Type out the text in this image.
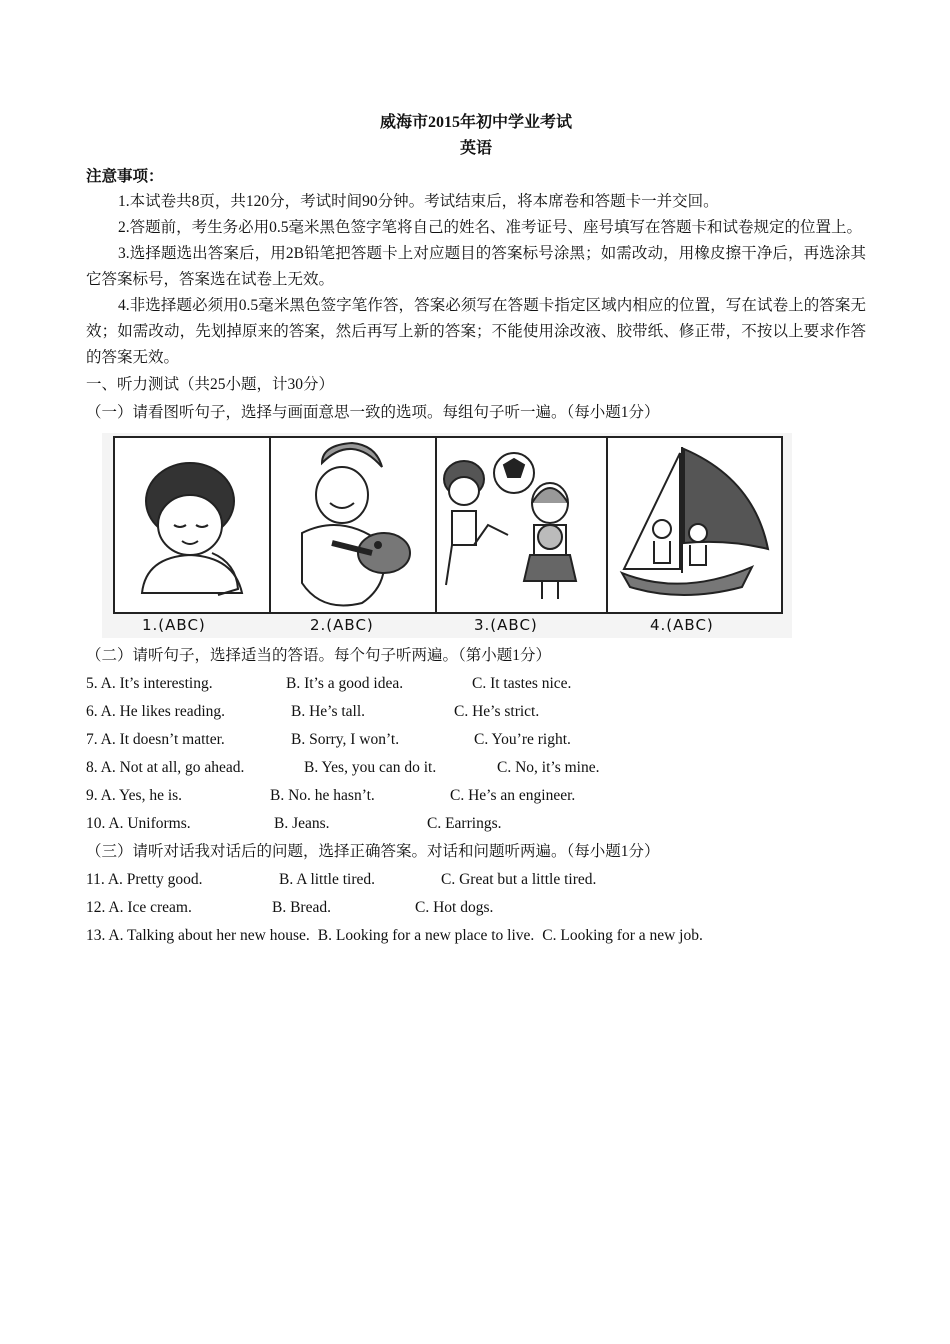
威海市2015年初中学业考试
英语
注意事项：
1.本试卷共8页，共120分，考试时间90分钟。考试结束后，将本席卷和答题卡一并交回。
2.答题前，考生务必用0.5毫米黑色签字笔将自己的姓名、准考证号、座号填写在答题卡和试卷规定的位置上。
3.选择题选出答案后，用2B铅笔把答题卡上对应题目的答案标号涂黑；如需改动，用橡皮擦干净后，再选涂其它答案标号，答案选在试卷上无效。
4.非选择题必须用0.5毫米黑色签字笔作答，答案必须写在答题卡指定区域内相应的位置，写在试卷上的答案无效；如需改动，先划掉原来的答案，然后再写上新的答案；不能使用涂改液、胶带纸、修正带，不按以上要求作答的答案无效。
一、听力测试（共25小题，计30分）
（一）请看图听句子，选择与画面意思一致的选项。每组句子听一遍。（每小题1分）
1.(ABC)	2.(ABC)	3.(ABC)	4.(ABC)
（二）请听句子，选择适当的答语。每个句子听两遍。（第小题1分）
5. A. It’s interesting.	B. It’s a good idea.	C. It tastes nice.
6. A. He likes reading.	B. He’s tall.	C. He’s strict.
7. A. It doesn’t matter.	B. Sorry, I won’t.	C. You’re right.
8. A. Not at all, go ahead.	B. Yes, you can do it.	C. No, it’s mine.
9. A. Yes, he is.	B. No. he hasn’t.	C. He’s an engineer.
10. A. Uniforms.	B. Jeans.	C. Earrings.
（三）请听对话我对话后的问题，选择正确答案。对话和问题听两遍。（每小题1分）
11. A. Pretty good.	B. A little tired.	C. Great but a little tired.
12. A. Ice cream.	B. Bread.	C. Hot dogs.
13. A. Talking about her new house. B. Looking for a new place to live. C. Looking for a new job.
